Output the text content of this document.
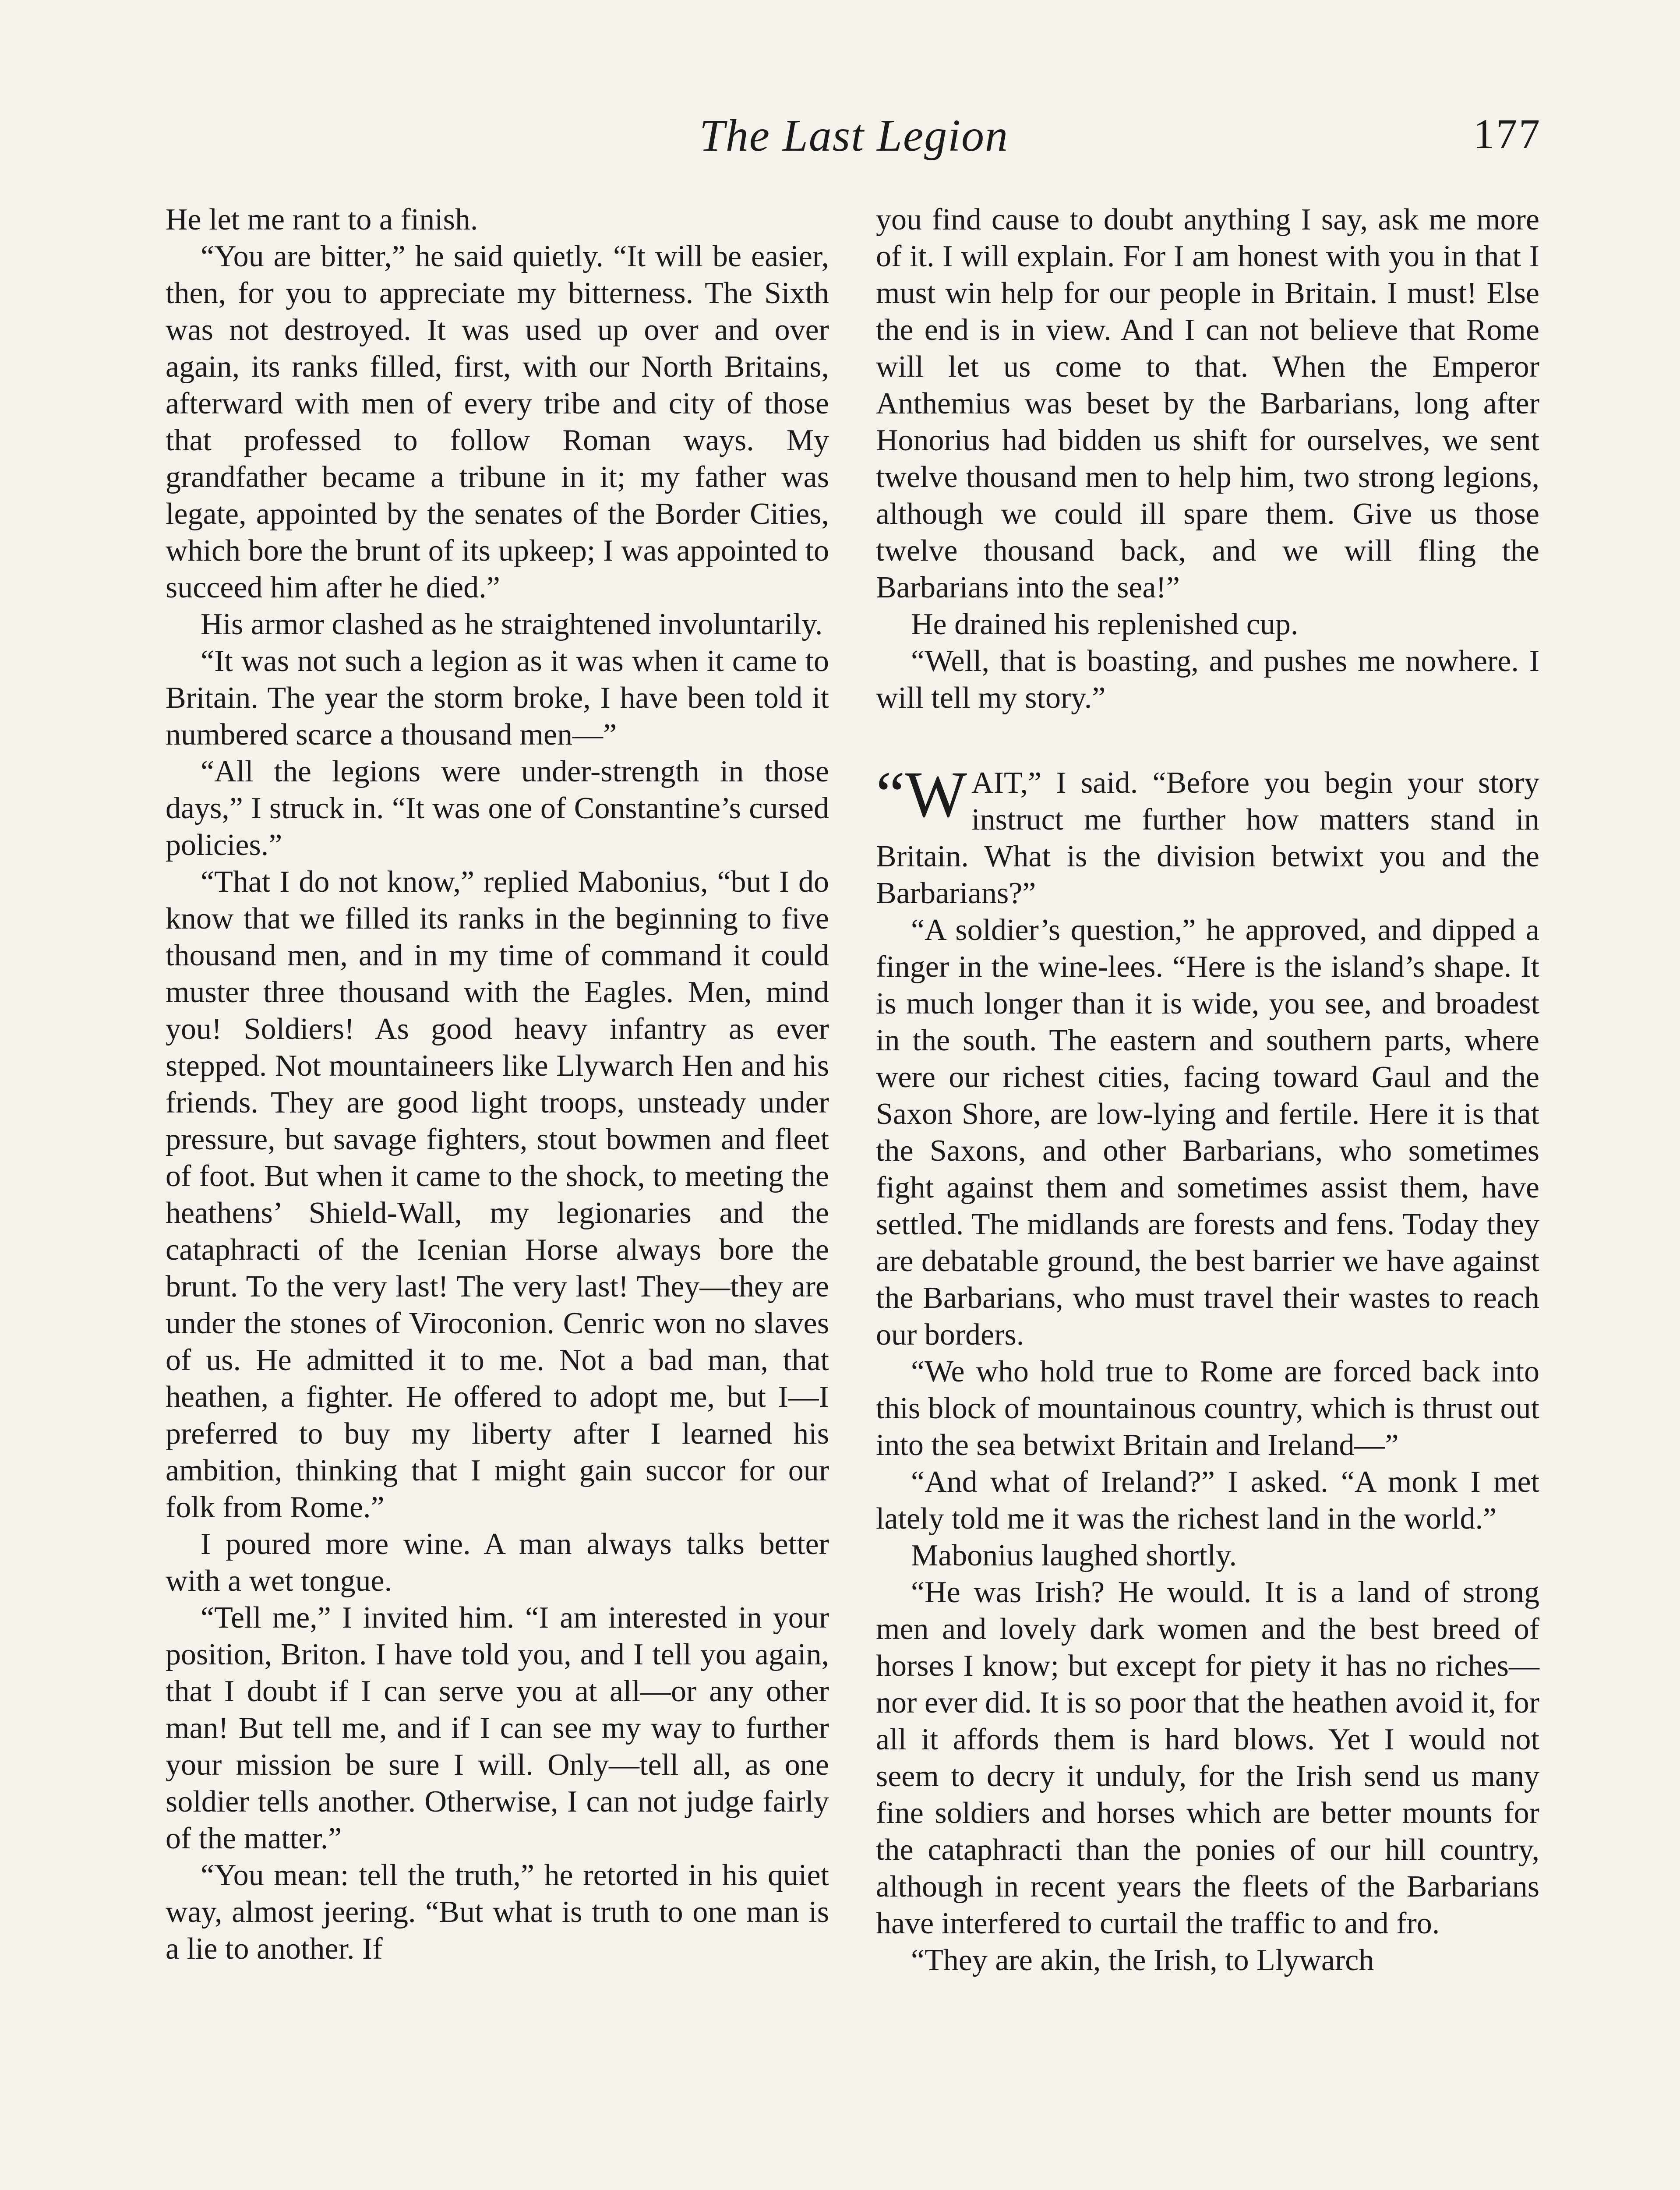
The Last Legion	177

He let me rant to a finish.

“You are bitter,” he said quietly. “It will be easier, then, for you to appreciate my bitterness. The Sixth was not destroyed. It was used up over and over again, its ranks filled, first, with our North Britains, afterward with men of every tribe and city of those that professed to follow Roman ways. My grandfather became a tribune in it; my father was legate, appointed by the senates of the Border Cities, which bore the brunt of its upkeep; I was appointed to succeed him after he died.”

His armor clashed as he straightened involuntarily.

“It was not such a legion as it was when it came to Britain. The year the storm broke, I have been told it numbered scarce a thousand men—”

“All the legions were under-strength in those days,” I struck in. “It was one of Constantine’s cursed policies.”

“That I do not know,” replied Mabonius, “but I do know that we filled its ranks in the beginning to five thousand men, and in my time of command it could muster three thousand with the Eagles. Men, mind you! Soldiers! As good heavy infantry as ever stepped. Not mountaineers like Llywarch Hen and his friends. They are good light troops, unsteady under pressure, but savage fighters, stout bowmen and fleet of foot. But when it came to the shock, to meeting the heathens’ Shield-Wall, my legionaries and the cataphracti of the Icenian Horse always bore the brunt. To the very last! The very last! They—they are under the stones of Viroconion. Cenric won no slaves of us. He admitted it to me. Not a bad man, that heathen, a fighter. He offered to adopt me, but I—I preferred to buy my liberty after I learned his ambition, thinking that I might gain succor for our folk from Rome.”

I poured more wine. A man always talks better with a wet tongue.

“Tell me,” I invited him. “I am interested in your position, Briton. I have told you, and I tell you again, that I doubt if I can serve you at all—or any other man! But tell me, and if I can see my way to further your mission be sure I will. Only—tell all, as one soldier tells another. Otherwise, I can not judge fairly of the matter.”

“You mean: tell the truth,” he retorted in his quiet way, almost jeering. “But what is truth to one man is a lie to another. If

you find cause to doubt anything I say, ask me more of it. I will explain. For I am honest with you in that I must win help for our people in Britain. I must! Else the end is in view. And I can not believe that Rome will let us come to that. When the Emperor Anthemius was beset by the Barbarians, long after Honorius had bidden us shift for ourselves, we sent twelve thousand men to help him, two strong legions, although we could ill spare them. Give us those twelve thousand back, and we will fling the Barbarians into the sea!”

He drained his replenished cup.

“Well, that is boasting, and pushes me nowhere. I will tell my story.”

“W AIT,” I said. “Before you begin your story instruct me further how matters stand in Britain. What is the division betwixt you and the Barbarians?”

“A soldier’s question,” he approved, and dipped a finger in the wine-lees. “Here is the island’s shape. It is much longer than it is wide, you see, and broadest in the south. The eastern and southern parts, where were our richest cities, facing toward Gaul and the Saxon Shore, are low-lying and fertile. Here it is that the Saxons, and other Barbarians, who sometimes fight against them and sometimes assist them, have settled. The midlands are forests and fens. Today they are debatable ground, the best barrier we have against the Barbarians, who must travel their wastes to reach our borders.

“We who hold true to Rome are forced back into this block of mountainous country, which is thrust out into the sea betwixt Britain and Ireland—”

“And what of Ireland?” I asked. “A monk I met lately told me it was the richest land in the world.”

Mabonius laughed shortly.

“He was Irish? He would. It is a land of strong men and lovely dark women and the best breed of horses I know; but except for piety it has no riches—nor ever did. It is so poor that the heathen avoid it, for all it affords them is hard blows. Yet I would not seem to decry it unduly, for the Irish send us many fine soldiers and horses which are better mounts for the cataphracti than the ponies of our hill country, although in recent years the fleets of the Barbarians have interfered to curtail the traffic to and fro.

“They are akin, the Irish, to Llywarch
